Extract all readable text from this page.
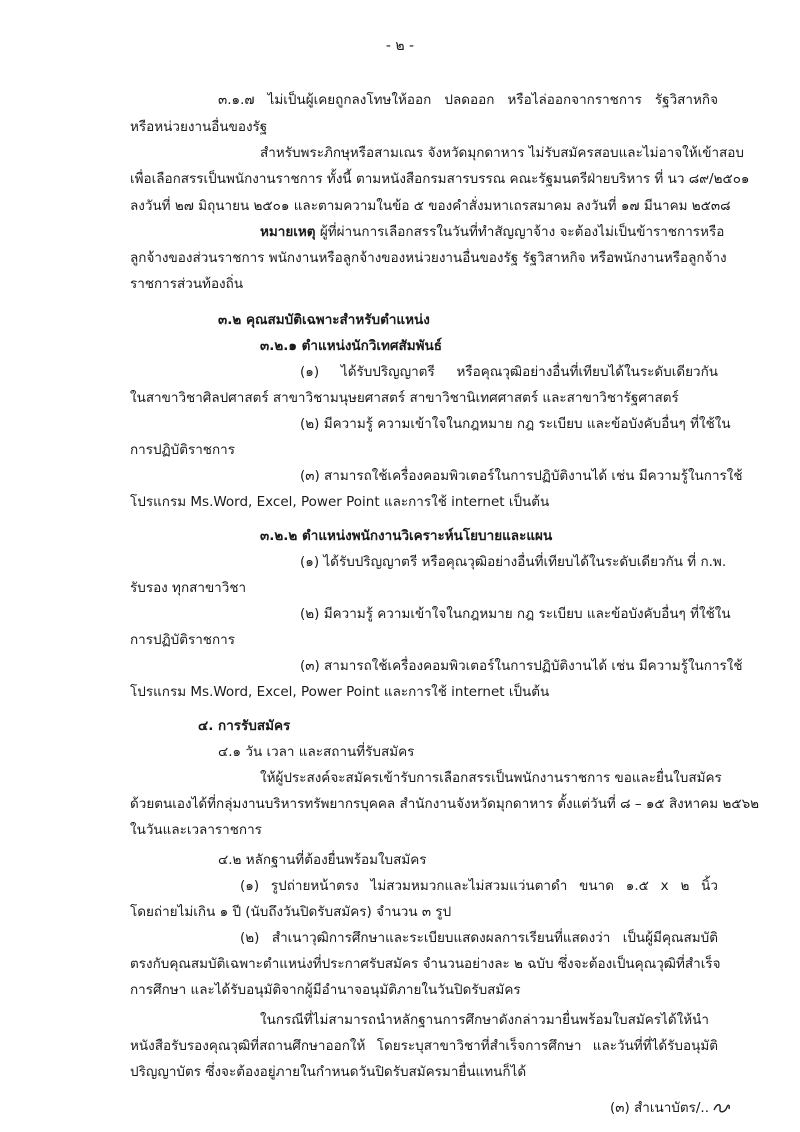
- ๒ -
๓.๑.๗ ไม่เป็นผู้เคยถูกลงโทษให้ออก ปลดออก หรือไล่ออกจากราชการ รัฐวิสาหกิจ
หรือหน่วยงานอื่นของรัฐ
สำหรับพระภิกษุหรือสามเณร จังหวัดมุกดาหาร ไม่รับสมัครสอบและไม่อาจให้เข้าสอบ
เพื่อเลือกสรรเป็นพนักงานราชการ ทั้งนี้ ตามหนังสือกรมสารบรรณ คณะรัฐมนตรีฝ่ายบริหาร ที่ นว ๘๙/๒๕๐๑
ลงวันที่ ๒๗ มิถุนายน ๒๕๐๑ และตามความในข้อ ๕ ของคำสั่งมหาเถรสมาคม ลงวันที่ ๑๗ มีนาคม ๒๕๓๘
หมายเหตุ ผู้ที่ผ่านการเลือกสรรในวันที่ทำสัญญาจ้าง จะต้องไม่เป็นข้าราชการหรือ
ลูกจ้างของส่วนราชการ พนักงานหรือลูกจ้างของหน่วยงานอื่นของรัฐ รัฐวิสาหกิจ หรือพนักงานหรือลูกจ้าง
ราชการส่วนท้องถิ่น
๓.๒ คุณสมบัติเฉพาะสำหรับตำแหน่ง
๓.๒.๑ ตำแหน่งนักวิเทศสัมพันธ์
(๑) ได้รับปริญญาตรี หรือคุณวุฒิอย่างอื่นที่เทียบได้ในระดับเดียวกัน
ในสาขาวิชาศิลปศาสตร์ สาขาวิชามนุษยศาสตร์ สาขาวิชานิเทศศาสตร์ และสาขาวิชารัฐศาสตร์
(๒) มีความรู้ ความเข้าใจในกฎหมาย กฎ ระเบียบ และข้อบังคับอื่นๆ ที่ใช้ใน
การปฏิบัติราชการ
(๓) สามารถใช้เครื่องคอมพิวเตอร์ในการปฏิบัติงานได้ เช่น มีความรู้ในการใช้
โปรแกรม Ms.Word, Excel, Power Point และการใช้ internet เป็นต้น
๓.๒.๒ ตำแหน่งพนักงานวิเคราะห์นโยบายและแผน
(๑) ได้รับปริญญาตรี หรือคุณวุฒิอย่างอื่นที่เทียบได้ในระดับเดียวกัน ที่ ก.พ.
รับรอง ทุกสาขาวิชา
(๒) มีความรู้ ความเข้าใจในกฎหมาย กฎ ระเบียบ และข้อบังคับอื่นๆ ที่ใช้ใน
การปฏิบัติราชการ
(๓) สามารถใช้เครื่องคอมพิวเตอร์ในการปฏิบัติงานได้ เช่น มีความรู้ในการใช้
โปรแกรม Ms.Word, Excel, Power Point และการใช้ internet เป็นต้น
๔. การรับสมัคร
๔.๑ วัน เวลา และสถานที่รับสมัคร
ให้ผู้ประสงค์จะสมัครเข้ารับการเลือกสรรเป็นพนักงานราชการ ขอและยื่นใบสมัคร
ด้วยตนเองได้ที่กลุ่มงานบริหารทรัพยากรบุคคล สำนักงานจังหวัดมุกดาหาร ตั้งแต่วันที่ ๘ – ๑๕ สิงหาคม ๒๕๖๒
ในวันและเวลาราชการ
๔.๒ หลักฐานที่ต้องยื่นพร้อมใบสมัคร
(๑) รูปถ่ายหน้าตรง ไม่สวมหมวกและไม่สวมแว่นตาดำ ขนาด ๑.๕ x ๒ นิ้ว
โดยถ่ายไม่เกิน ๑ ปี (นับถึงวันปิดรับสมัคร) จำนวน ๓ รูป
(๒) สำเนาวุฒิการศึกษาและระเบียบแสดงผลการเรียนที่แสดงว่า เป็นผู้มีคุณสมบัติ
ตรงกับคุณสมบัติเฉพาะตำแหน่งที่ประกาศรับสมัคร จำนวนอย่างละ ๒ ฉบับ ซึ่งจะต้องเป็นคุณวุฒิที่สำเร็จ
การศึกษา และได้รับอนุมัติจากผู้มีอำนาจอนุมัติภายในวันปิดรับสมัคร
ในกรณีที่ไม่สามารถนำหลักฐานการศึกษาดังกล่าวมายื่นพร้อมใบสมัครได้ให้นำ
หนังสือรับรองคุณวุฒิที่สถานศึกษาออกให้ โดยระบุสาขาวิชาที่สำเร็จการศึกษา และวันที่ที่ได้รับอนุมัติ
ปริญญาบัตร ซึ่งจะต้องอยู่ภายในกำหนดวันปิดรับสมัครมายื่นแทนก็ได้
(๓) สำเนาบัตร/..
